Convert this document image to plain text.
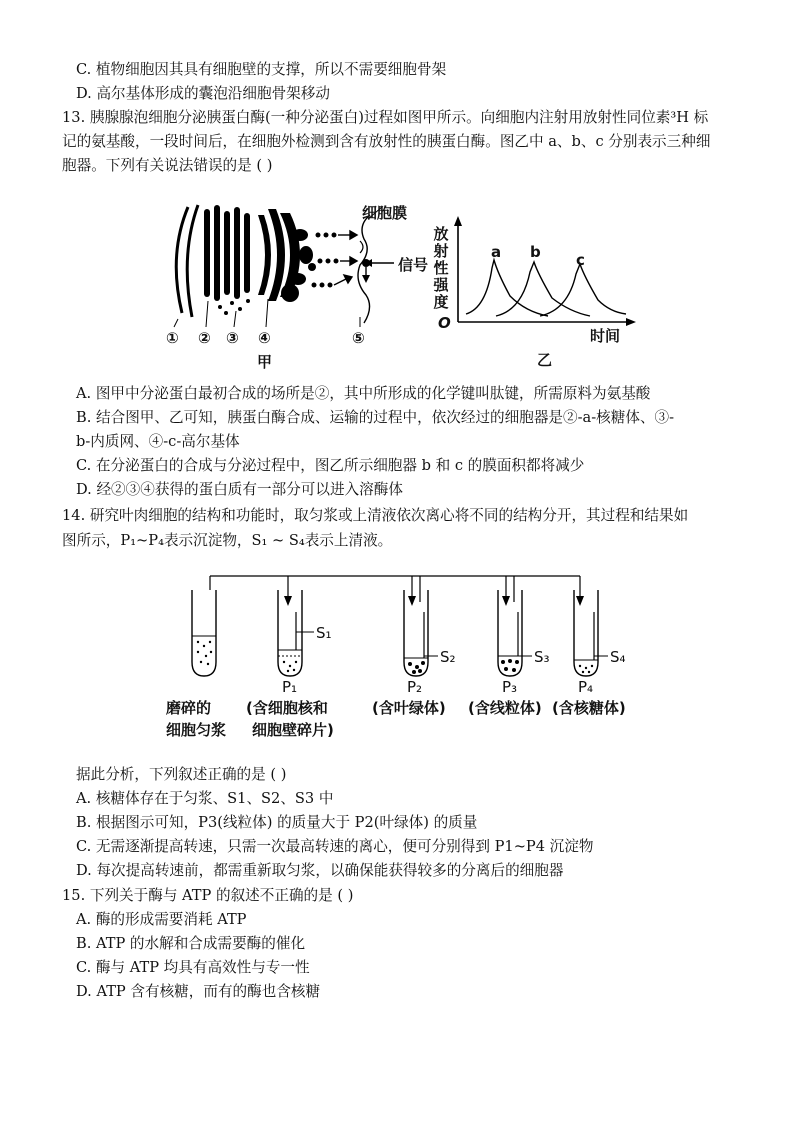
C. 植物细胞因其具有细胞壁的支撑，所以不需要细胞骨架
D. 高尔基体形成的囊泡沿细胞骨架移动
13. 胰腺腺泡细胞分泌胰蛋白酶(一种分泌蛋白)过程如图甲所示。向细胞内注射用放射性同位素³H 标
记的氨基酸，一段时间后，在细胞外检测到含有放射性的胰蛋白酶。图乙中 a、b、c 分别表示三种细
胞器。下列有关说法错误的是 ( )
细胞膜
信号
① ② ③ ④	⑤
甲
放
射
性
强
度
O
时间
a b c
乙
A. 图甲中分泌蛋白最初合成的场所是②，其中所形成的化学键叫肽键，所需原料为氨基酸
B. 结合图甲、乙可知，胰蛋白酶合成、运输的过程中，依次经过的细胞器是②-a-核糖体、③-
b-内质网、④-c-高尔基体
C. 在分泌蛋白的合成与分泌过程中，图乙所示细胞器 b 和 c 的膜面积都将减少
D. 经②③④获得的蛋白质有一部分可以进入溶酶体
14. 研究叶肉细胞的结构和功能时，取匀浆或上清液依次离心将不同的结构分开，其过程和结果如
图所示，P₁~P₄表示沉淀物，S₁ ~ S₄表示上清液。
S₁
S₂	S₃	S₄
P₁	P₂	P₃	P₄
磨碎的
细胞匀浆
(含细胞核和
细胞壁碎片)
(含叶绿体) (含线粒体) (含核糖体)
据此分析，下列叙述正确的是 ( )
A. 核糖体存在于匀浆、S1、S2、S3 中
B. 根据图示可知，P3(线粒体) 的质量大于 P2(叶绿体) 的质量
C. 无需逐渐提高转速，只需一次最高转速的离心，便可分别得到 P1~P4 沉淀物
D. 每次提高转速前，都需重新取匀浆，以确保能获得较多的分离后的细胞器
15. 下列关于酶与 ATP 的叙述不正确的是 ( )
A. 酶的形成需要消耗 ATP
B. ATP 的水解和合成需要酶的催化
C. 酶与 ATP 均具有高效性与专一性
D. ATP 含有核糖，而有的酶也含核糖
